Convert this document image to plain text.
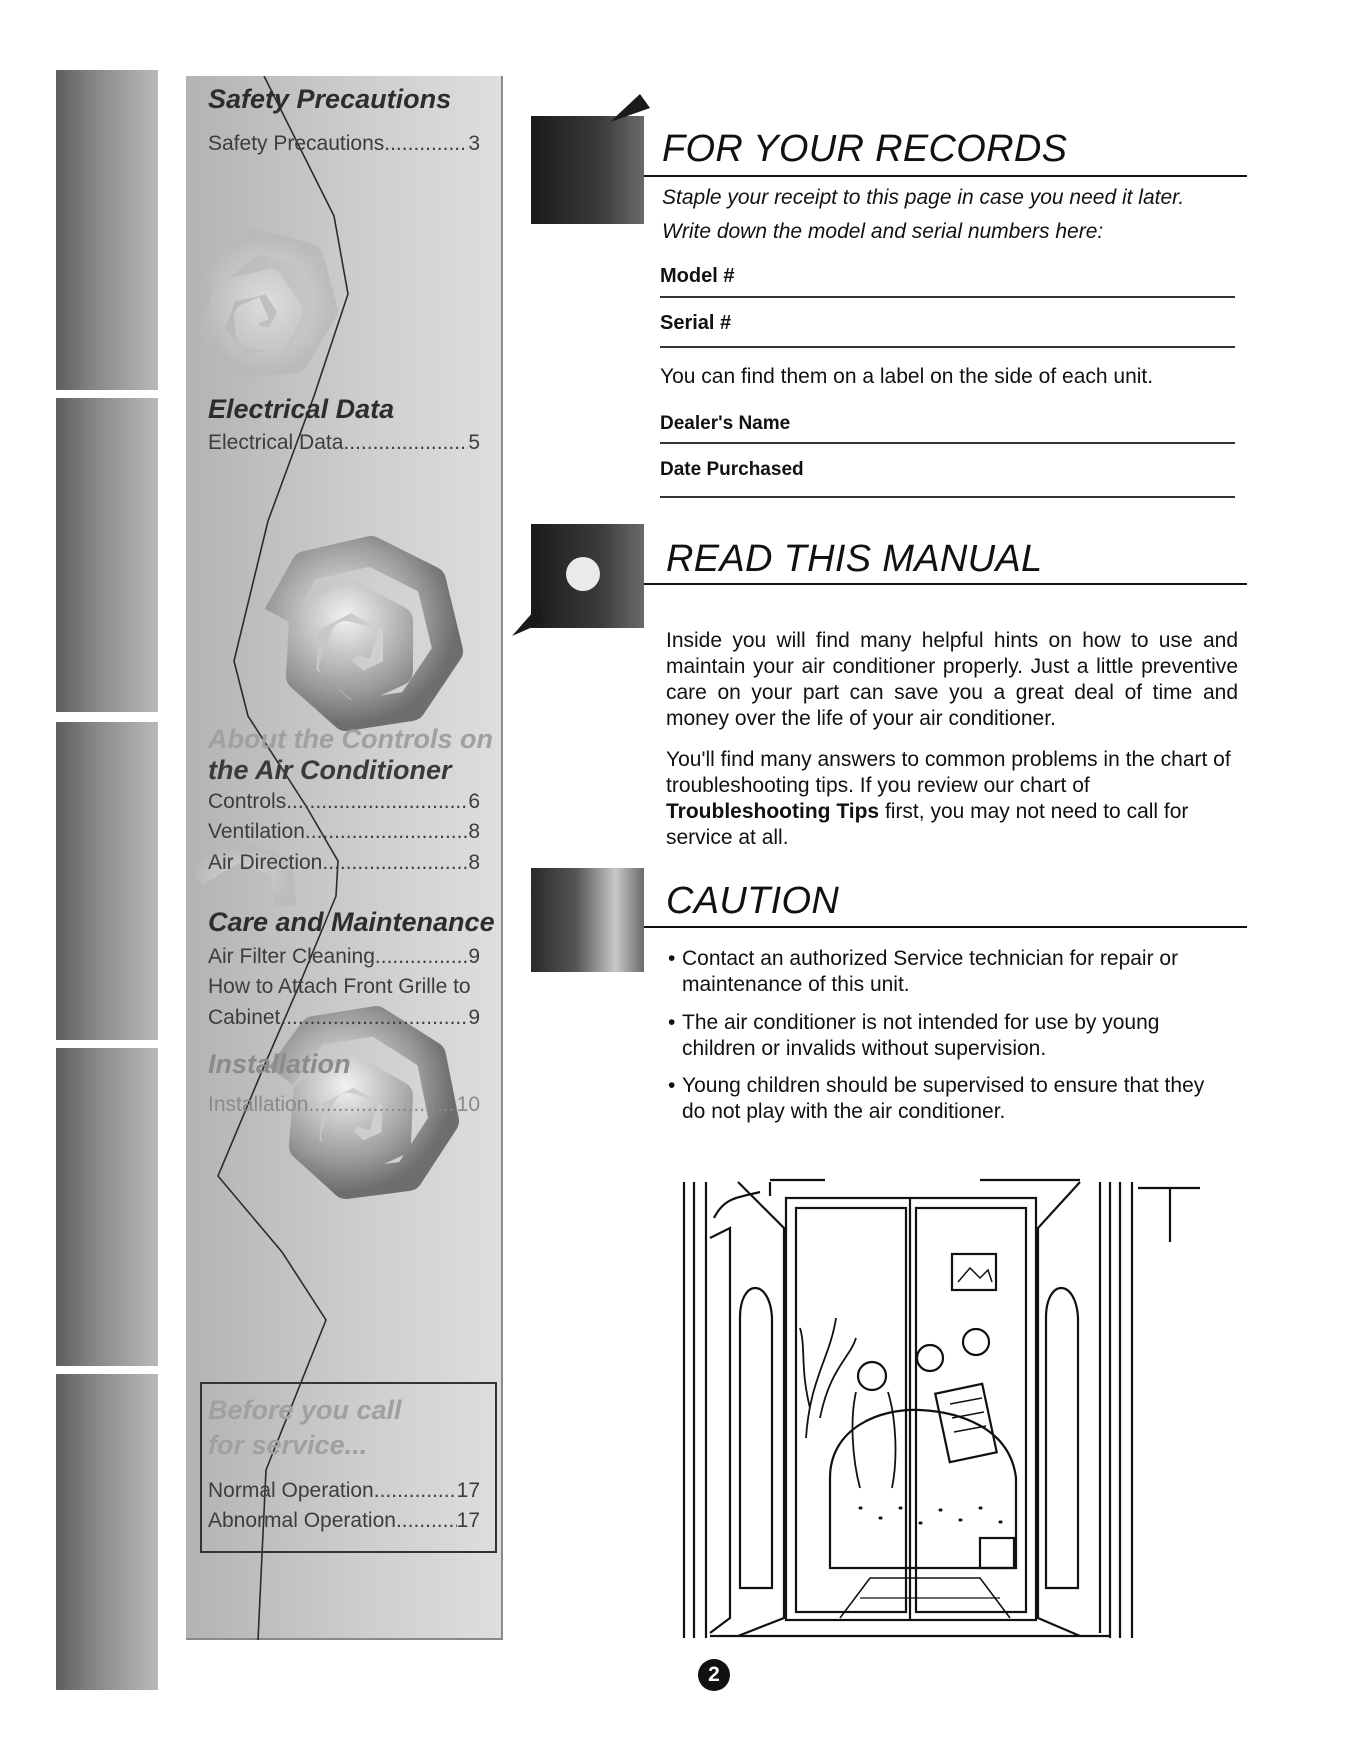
Safety Precautions
Safety Precautions .....	3
Electrical Data
Electrical Data .....	5
About the Controls on
the Air Conditioner
Controls .....	6
Ventilation .....	8
Air Direction .....	8
Care and Maintenance
Air Filter Cleaning .....	9
How to Attach Front Grille to
Cabinet .....	9
Installation
Installation .....	10
Before you call
for service...
Normal Operation .....	17
Abnormal Operation .....	17
FOR YOUR RECORDS
Staple your receipt to this page in case you need it later.
Write down the model and serial numbers here:
Model #
Serial #
You can find them on a label on the side of each unit.
Dealer's Name
Date Purchased
READ THIS MANUAL
Inside you will find many helpful hints on how to use and maintain your air conditioner properly. Just a little preventive care on your part can save you a great deal of time and money over the life of your air conditioner.
You'll find many answers to common problems in the chart of troubleshooting tips. If you review our chart of Troubleshooting Tips first, you may not need to call for service at all.
CAUTION
• Contact an authorized Service technician for repair or maintenance of this unit.
• The air conditioner is not intended for use by young children or invalids without supervision.
• Young children should be supervised to ensure that they do not play with the air conditioner.
2
